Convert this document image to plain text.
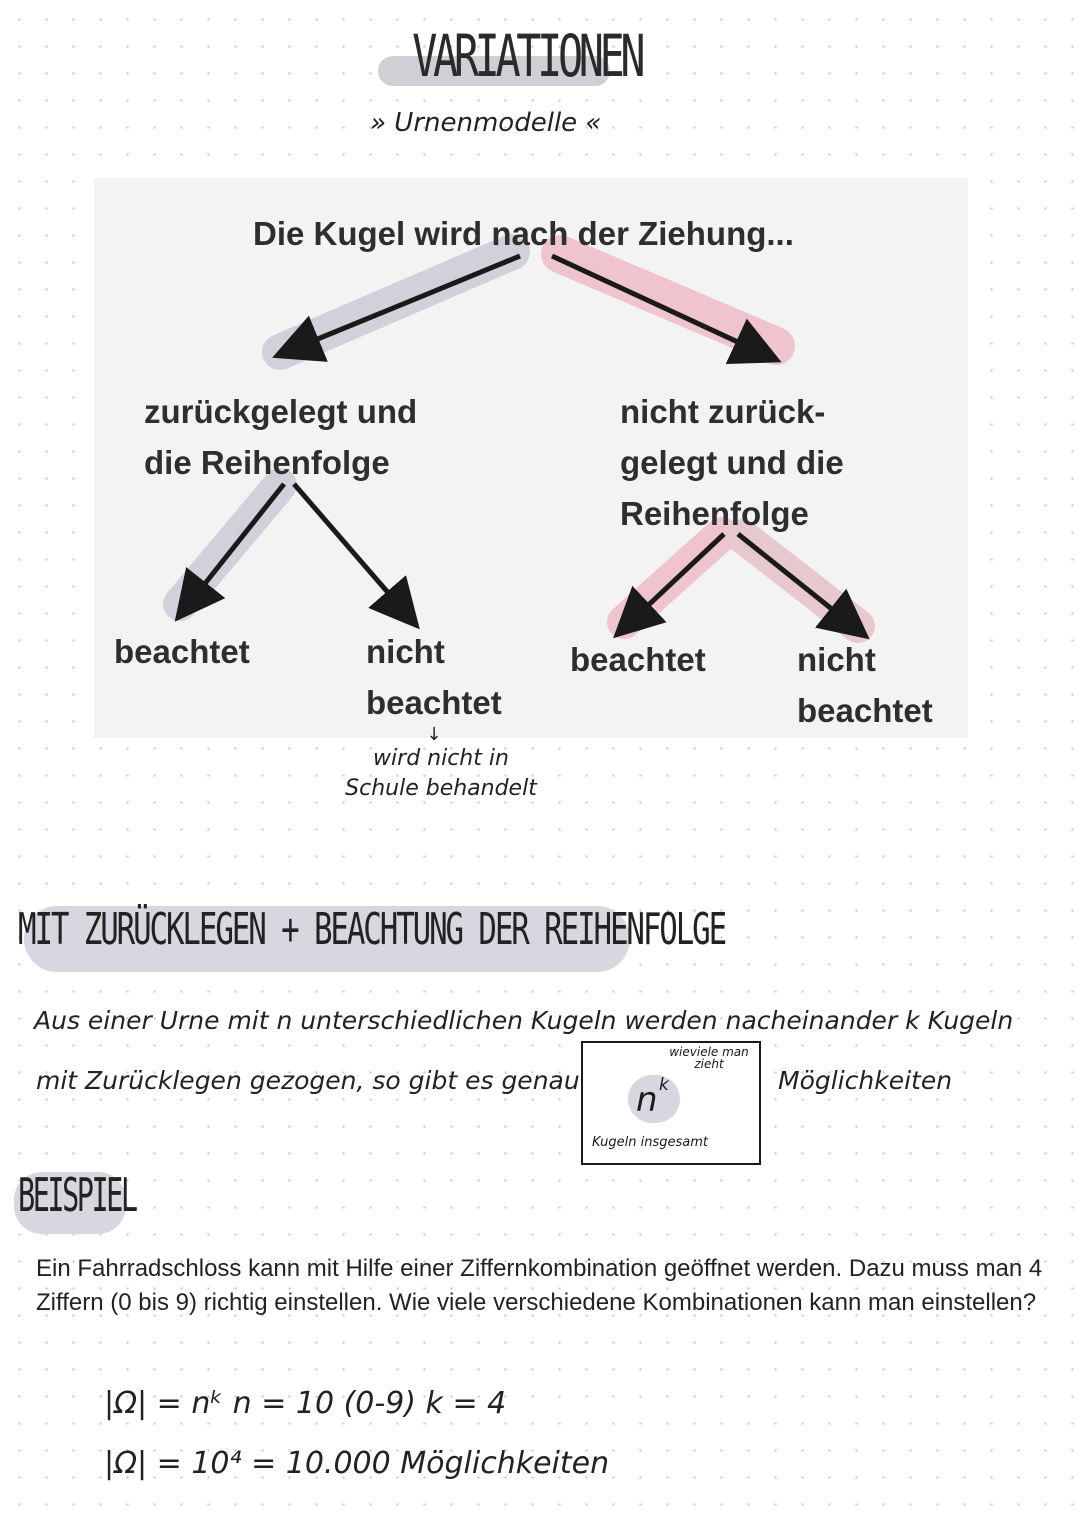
VARIATIONEN
» Urnenmodelle «
Die Kugel wird nach der Ziehung...
zurückgelegt und
die Reihenfolge
nicht zurück-
gelegt und die
Reihenfolge
beachtet	nicht
beachtet
beachtet	nicht
beachtet
↓
wird nicht in
Schule behandelt
MIT ZURÜCKLEGEN + BEACHTUNG DER REIHENFOLGE
Aus einer Urne mit n unterschiedlichen Kugeln werden nacheinander k Kugeln
mit Zurücklegen gezogen, so gibt es genau	Möglichkeiten
n k
wieviele man zieht
Kugeln insgesamt
BEISPIEL
Ein Fahrradschloss kann mit Hilfe einer Ziffernkombination geöffnet werden. Dazu muss man 4 Ziffern (0 bis 9) richtig einstellen. Wie viele verschiedene Kombinationen kann man einstellen?
|Ω| = nᵏ n = 10 (0-9) k = 4
|Ω| = 10⁴ = 10.000 Möglichkeiten
